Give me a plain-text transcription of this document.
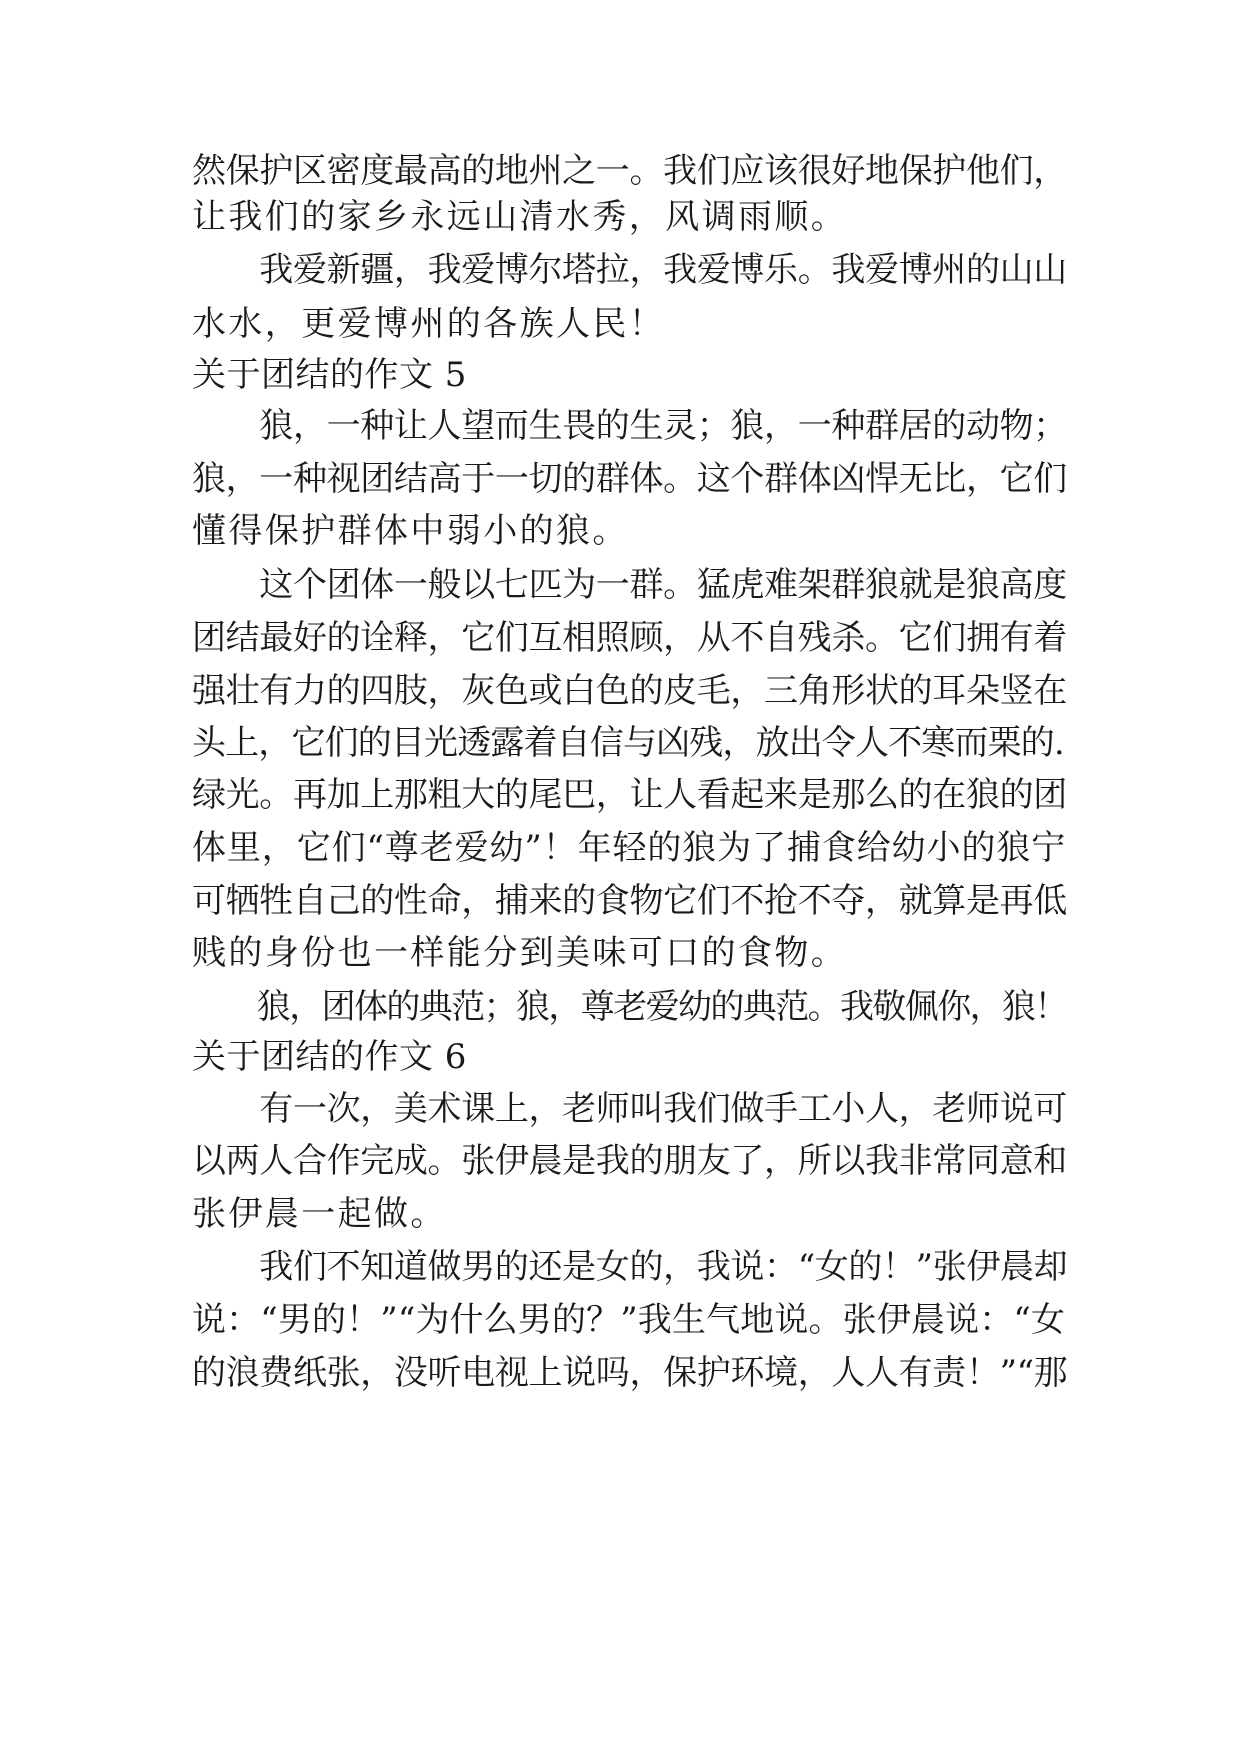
然保护区密度最高的地州之一。我们应该很好地保护他们，
让我们的家乡永远山清水秀，风调雨顺。
　　我爱新疆，我爱博尔塔拉，我爱博乐。我爱博州的山山
水水，更爱博州的各族人民！
关于团结的作文 5
　　狼，一种让人望而生畏的生灵；狼，一种群居的动物；
狼，一种视团结高于一切的群体。这个群体凶悍无比，它们
懂得保护群体中弱小的狼。
　　这个团体一般以七匹为一群。猛虎难架群狼就是狼高度
团结最好的诠释，它们互相照顾，从不自残杀。它们拥有着
强壮有力的四肢，灰色或白色的皮毛，三角形状的耳朵竖在
头上，它们的目光透露着自信与凶残，放出令人不寒而栗的.
绿光。再加上那粗大的尾巴，让人看起来是那么的在狼的团
体里，它们“尊老爱幼”！年轻的狼为了捕食给幼小的狼宁
可牺牲自己的性命，捕来的食物它们不抢不夺，就算是再低
贱的身份也一样能分到美味可口的食物。
　　狼，团体的典范；狼，尊老爱幼的典范。我敬佩你，狼！
关于团结的作文 6
　　有一次，美术课上，老师叫我们做手工小人，老师说可
以两人合作完成。张伊晨是我的朋友了，所以我非常同意和
张伊晨一起做。
　　我们不知道做男的还是女的，我说：“女的！”张伊晨却
说：“男的！”“为什么男的？”我生气地说。张伊晨说：“女
的浪费纸张，没听电视上说吗，保护环境，人人有责！”“那
